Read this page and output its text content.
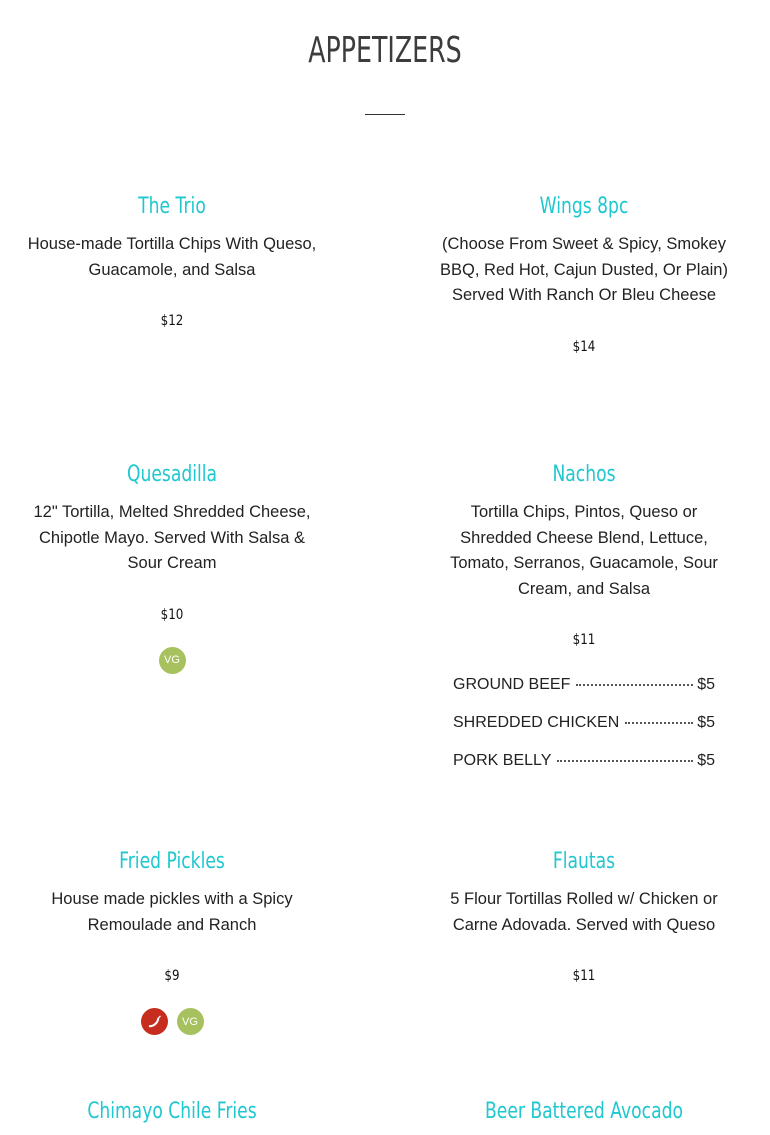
APPETIZERS
The Trio
House-made Tortilla Chips With Queso, Guacamole, and Salsa
$12
Wings 8pc
(Choose From Sweet & Spicy, Smokey BBQ, Red Hot, Cajun Dusted, Or Plain) Served With Ranch Or Bleu Cheese
$14
Quesadilla
12" Tortilla, Melted Shredded Cheese, Chipotle Mayo. Served With Salsa & Sour Cream
$10
VG
Nachos
Tortilla Chips, Pintos, Queso or Shredded Cheese Blend, Lettuce, Tomato, Serranos, Guacamole, Sour Cream, and Salsa
$11
GROUND BEEF	$5
SHREDDED CHICKEN	$5
PORK BELLY	$5
Fried Pickles
House made pickles with a Spicy Remoulade and Ranch
$9
VG
Flautas
5 Flour Tortillas Rolled w/ Chicken or Carne Adovada. Served with Queso
$11
Chimayo Chile Fries	Beer Battered Avocado
